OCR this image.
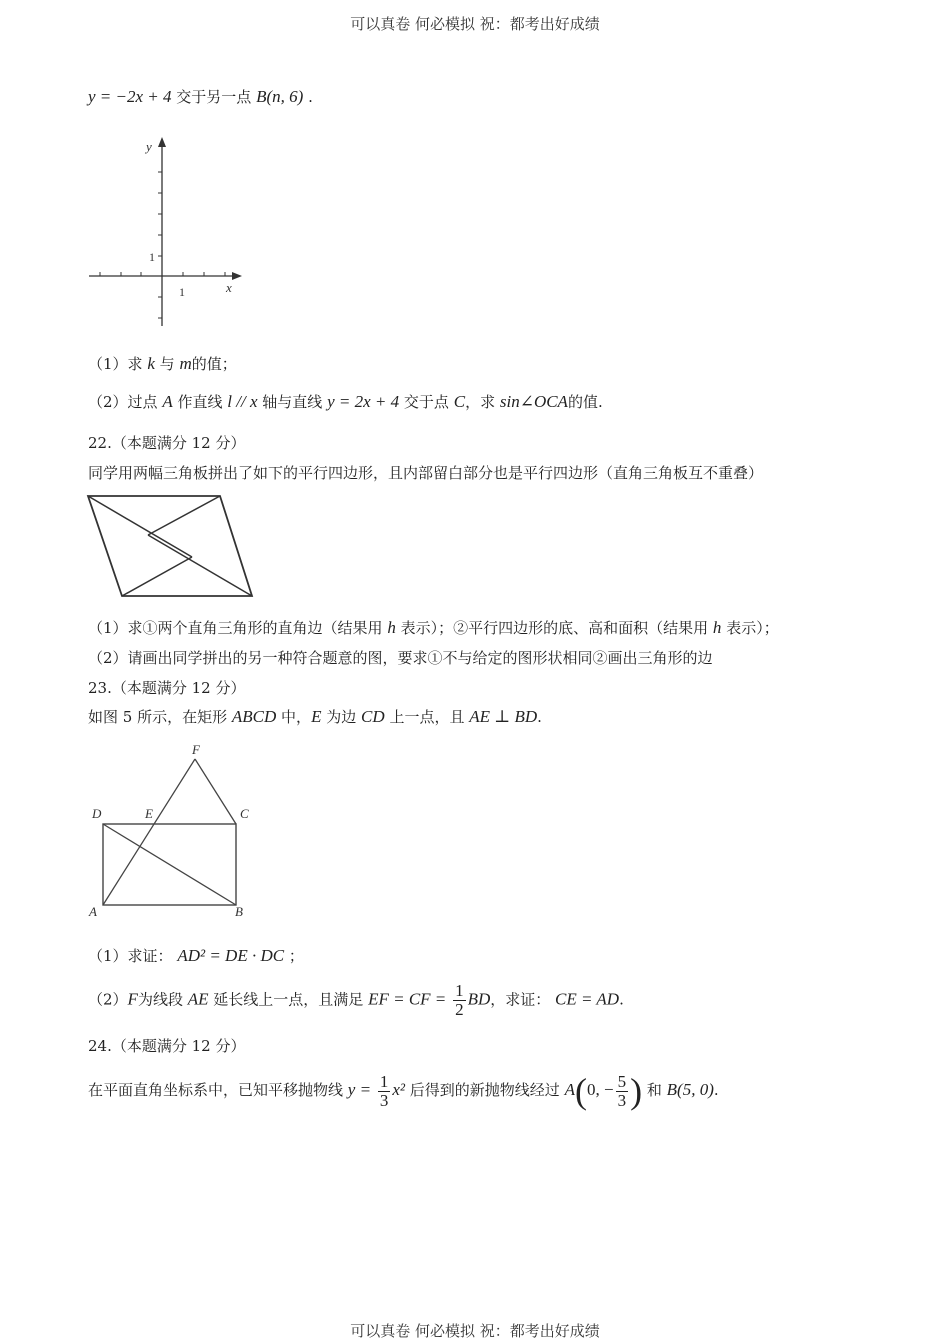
可以真卷 何必模拟 祝：都考出好成绩
y = −2x + 4 交于另一点 B(n, 6) .
y
x
1
1
（1）求 k 与 m的值；
（2）过点 A 作直线 l // x 轴与直线 y = 2x + 4 交于点 C，求 sin∠OCA的值.
22.（本题满分 12 分）
同学用两幅三角板拼出了如下的平行四边形，且内部留白部分也是平行四边形（直角三角板互不重叠）
（1）求①两个直角三角形的直角边（结果用 h 表示）；②平行四边形的底、高和面积（结果用 h 表示）；
（2）请画出同学拼出的另一种符合题意的图，要求①不与给定的图形状相同②画出三角形的边
23.（本题满分 12 分）
如图 5 所示，在矩形 ABCD 中，E 为边 CD 上一点，且 AE ⊥ BD.
F
D	E	C
A	B
（1）求证： AD² = DE · DC ；
（2）F为线段 AE 延长线上一点，且满足 EF = CF = $\frac{1}{2}$ BD，求证： CE = AD.
24.（本题满分 12 分）
在平面直角坐标系中，已知平移抛物线 $y = \frac{1}{3} x^2$ 后得到的新抛物线经过 A(0, − $\frac{5}{3}$ ) 和 B(5, 0).
可以真卷 何必模拟 祝：都考出好成绩
